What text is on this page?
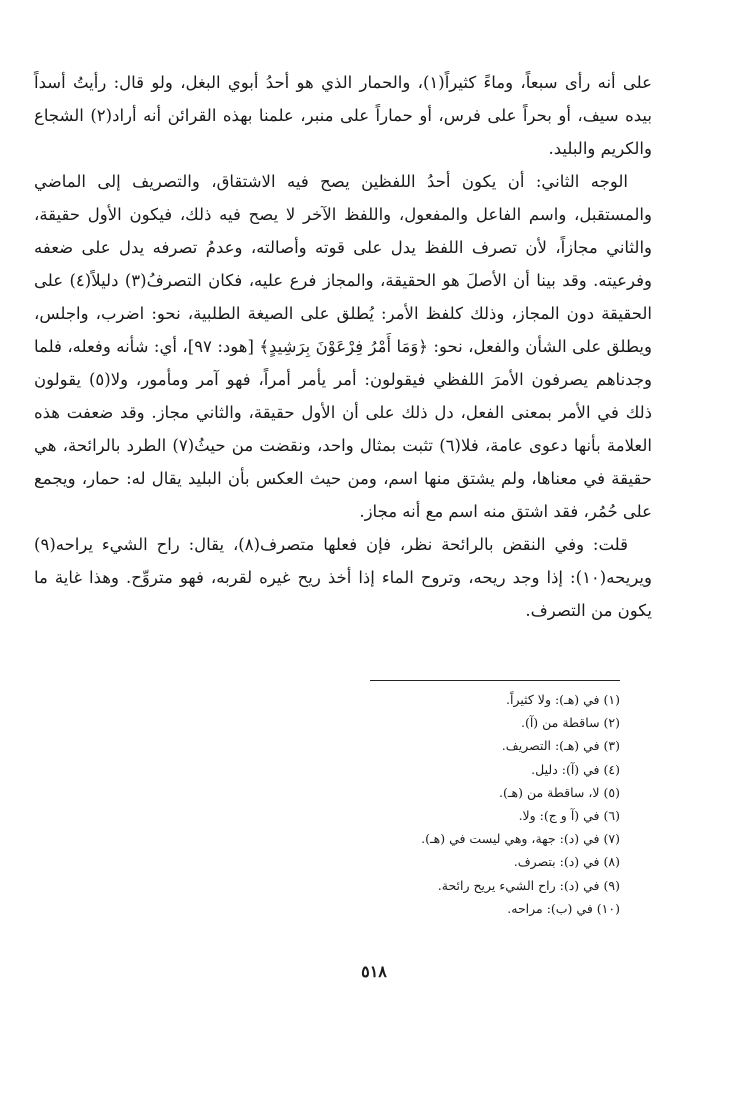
على أنه رأى سبعاً، وماءً كثيراً(١)، والحمار الذي هو أحدُ أبوي البغل، ولو قال: رأيتُ أسداً بيده سيف، أو بحراً على فرس، أو حماراً على منبر، علمنا بهذه القرائن أنه أراد(٢) الشجاع والكريم والبليد.

الوجه الثاني: أن يكون أحدُ اللفظين يصح فيه الاشتقاق، والتصريف إلى الماضي والمستقبل، واسم الفاعل والمفعول، واللفظ الآخر لا يصح فيه ذلك، فيكون الأول حقيقة، والثاني مجازاً، لأن تصرف اللفظ يدل على قوته وأصالته، وعدمُ تصرفه يدل على ضعفه وفرعيته. وقد بينا أن الأصلَ هو الحقيقة، والمجاز فرع عليه، فكان التصرفُ(٣) دليلاً(٤) على الحقيقة دون المجاز، وذلك كلفظ الأمر: يُطلق على الصيغة الطلبية، نحو: اضرب، واجلس، ويطلق على الشأن والفعل، نحو: ﴿وَمَا أَمْرُ فِرْعَوْنَ بِرَشِيدٍ﴾ [هود: ٩٧]، أي: شأنه وفعله، فلما وجدناهم يصرفون الأمرَ اللفظي فيقولون: أمر يأمر أمراً، فهو آمر ومأمور، ولا(٥) يقولون ذلك في الأمر بمعنى الفعل، دل ذلك على أن الأول حقيقة، والثاني مجاز. وقد ضعفت هذه العلامة بأنها دعوى عامة، فلا(٦) تثبت بمثال واحد، ونقضت من حيثُ(٧) الطرد بالرائحة، هي حقيقة في معناها، ولم يشتق منها اسم، ومن حيث العكس بأن البليد يقال له: حمار، ويجمع على حُمُر، فقد اشتق منه اسم مع أنه مجاز.

قلت: وفي النقض بالرائحة نظر، فإن فعلها متصرف(٨)، يقال: راح الشيء يراحه(٩) ويريحه(١٠): إذا وجد ريحه، وتروح الماء إذا أخذ ريح غيره لقربه، فهو متروِّح. وهذا غاية ما يكون من التصرف.

(١) في (هـ): ولا كثيراً.
(٢) ساقطة من (آ).
(٣) في (هـ): التصريف.
(٤) في (آ): دليل.
(٥) لا، ساقطة من (هـ).
(٦) في (آ و ج): ولا.
(٧) في (د): جهة، وهي ليست في (هـ).
(٨) في (د): بتصرف.
(٩) في (د): راح الشيء يريح رائحة.
(١٠) في (ب): مراحه.
٥١٨
